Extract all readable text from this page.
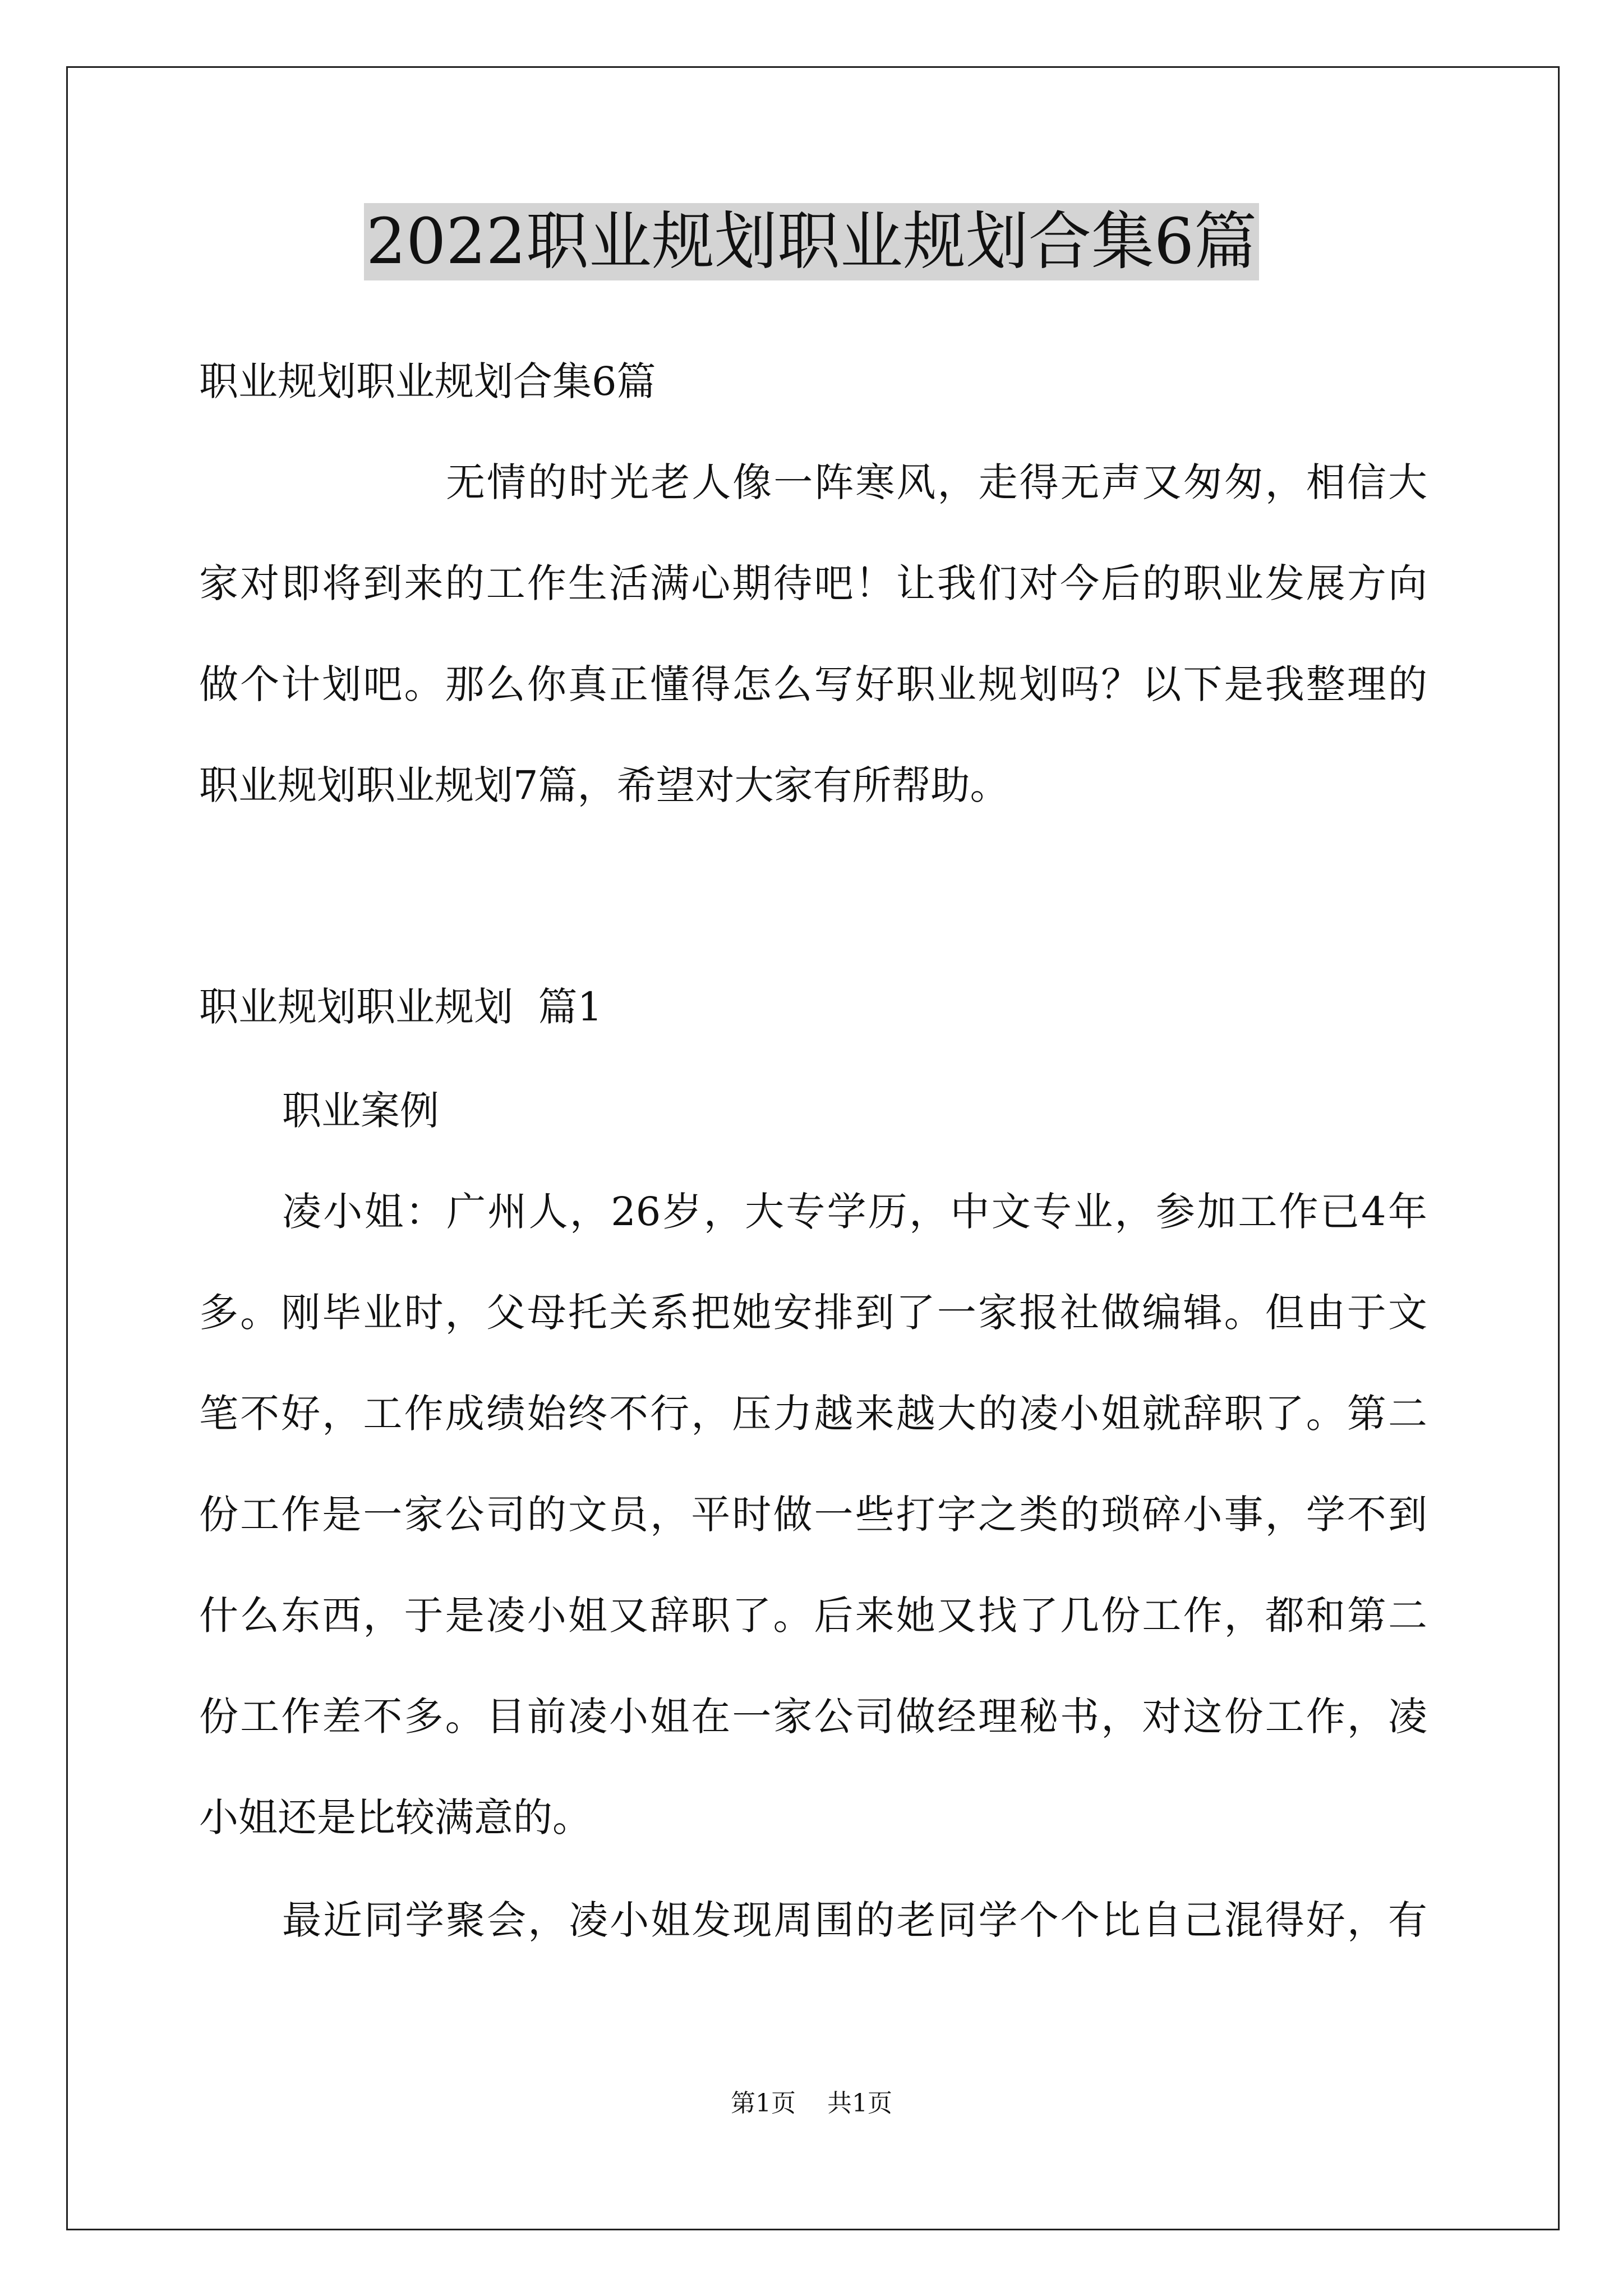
2022职业规划职业规划合集6篇
职业规划职业规划合集6篇
无情的时光老人像一阵寒风，走得无声又匆匆，相信大
家对即将到来的工作生活满心期待吧！让我们对今后的职业发展方向
做个计划吧。那么你真正懂得怎么写好职业规划吗？以下是我整理的
职业规划职业规划7篇，希望对大家有所帮助。
职业规划职业规划  篇1
职业案例
凌小姐：广州人，26岁，大专学历，中文专业，参加工作已4年
多。刚毕业时，父母托关系把她安排到了一家报社做编辑。但由于文
笔不好，工作成绩始终不行，压力越来越大的凌小姐就辞职了。第二
份工作是一家公司的文员，平时做一些打字之类的琐碎小事，学不到
什么东西，于是凌小姐又辞职了。后来她又找了几份工作，都和第二
份工作差不多。目前凌小姐在一家公司做经理秘书，对这份工作，凌
小姐还是比较满意的。
最近同学聚会，凌小姐发现周围的老同学个个比自己混得好，有
第1页    共1页
